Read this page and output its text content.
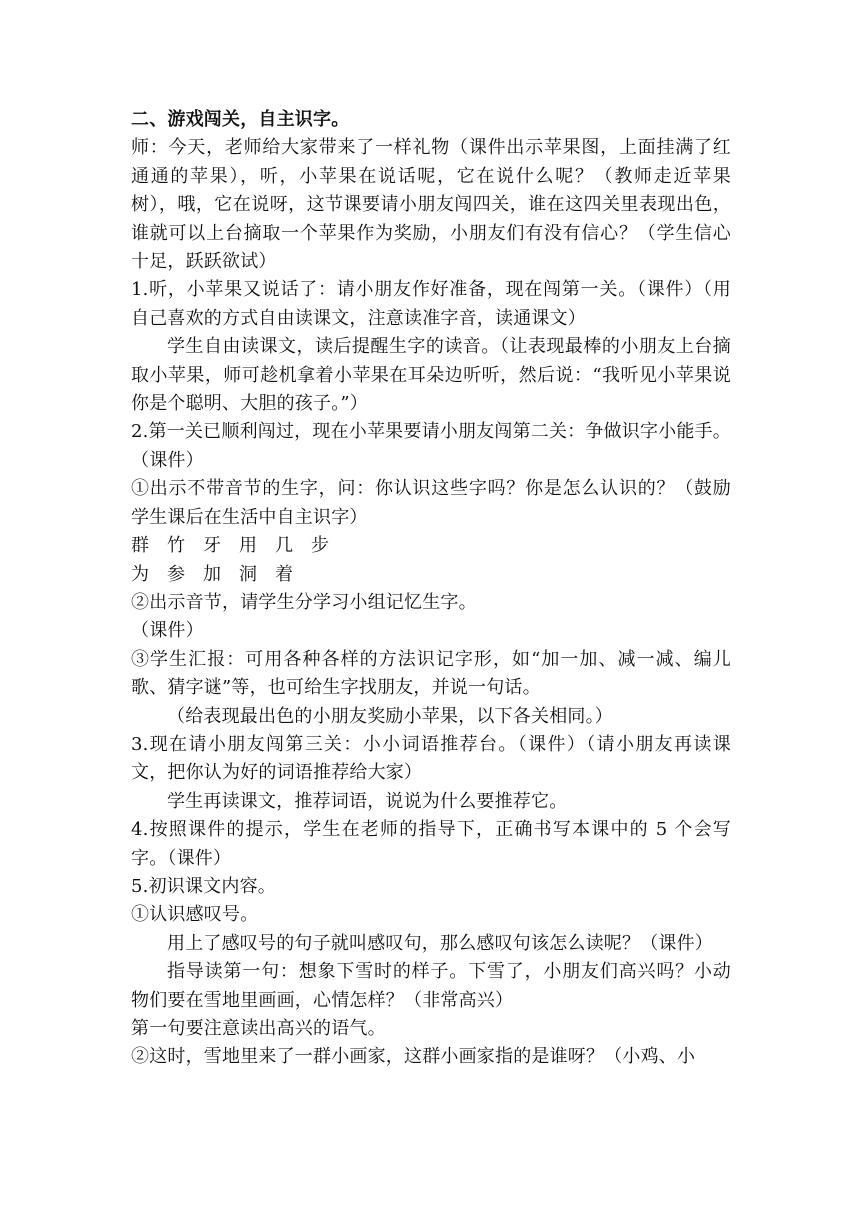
二、游戏闯关，自主识字。

师：今天，老师给大家带来了一样礼物（课件出示苹果图，上面挂满了红通通的苹果），听，小苹果在说话呢，它在说什么呢？（教师走近苹果树），哦，它在说呀，这节课要请小朋友闯四关，谁在这四关里表现出色，谁就可以上台摘取一个苹果作为奖励，小朋友们有没有信心？（学生信心十足，跃跃欲试）

1.听，小苹果又说话了：请小朋友作好准备，现在闯第一关。（课件）（用自己喜欢的方式自由读课文，注意读准字音，读通课文）

学生自由读课文，读后提醒生字的读音。（让表现最棒的小朋友上台摘取小苹果，师可趁机拿着小苹果在耳朵边听听，然后说：“我听见小苹果说你是个聪明、大胆的孩子。”）

2.第一关已顺利闯过，现在小苹果要请小朋友闯第二关：争做识字小能手。（课件）

①出示不带音节的生字，问：你认识这些字吗？你是怎么认识的？（鼓励学生课后在生活中自主识字）

群　竹　牙　用　几　步

为　参　加　洞　着

②出示音节，请学生分学习小组记忆生字。

（课件）

③学生汇报：可用各种各样的方法识记字形，如“加一加、减一减、编儿歌、猜字谜”等，也可给生字找朋友，并说一句话。

（给表现最出色的小朋友奖励小苹果，以下各关相同。）

3.现在请小朋友闯第三关：小小词语推荐台。（课件）（请小朋友再读课文，把你认为好的词语推荐给大家）

学生再读课文，推荐词语，说说为什么要推荐它。

4.按照课件的提示，学生在老师的指导下，正确书写本课中的 5 个会写字。（课件）

5.初识课文内容。

①认识感叹号。

用上了感叹号的句子就叫感叹句，那么感叹句该怎么读呢？（课件）

指导读第一句：想象下雪时的样子。下雪了，小朋友们高兴吗？小动物们要在雪地里画画，心情怎样？（非常高兴）

第一句要注意读出高兴的语气。

②这时，雪地里来了一群小画家，这群小画家指的是谁呀？（小鸡、小
